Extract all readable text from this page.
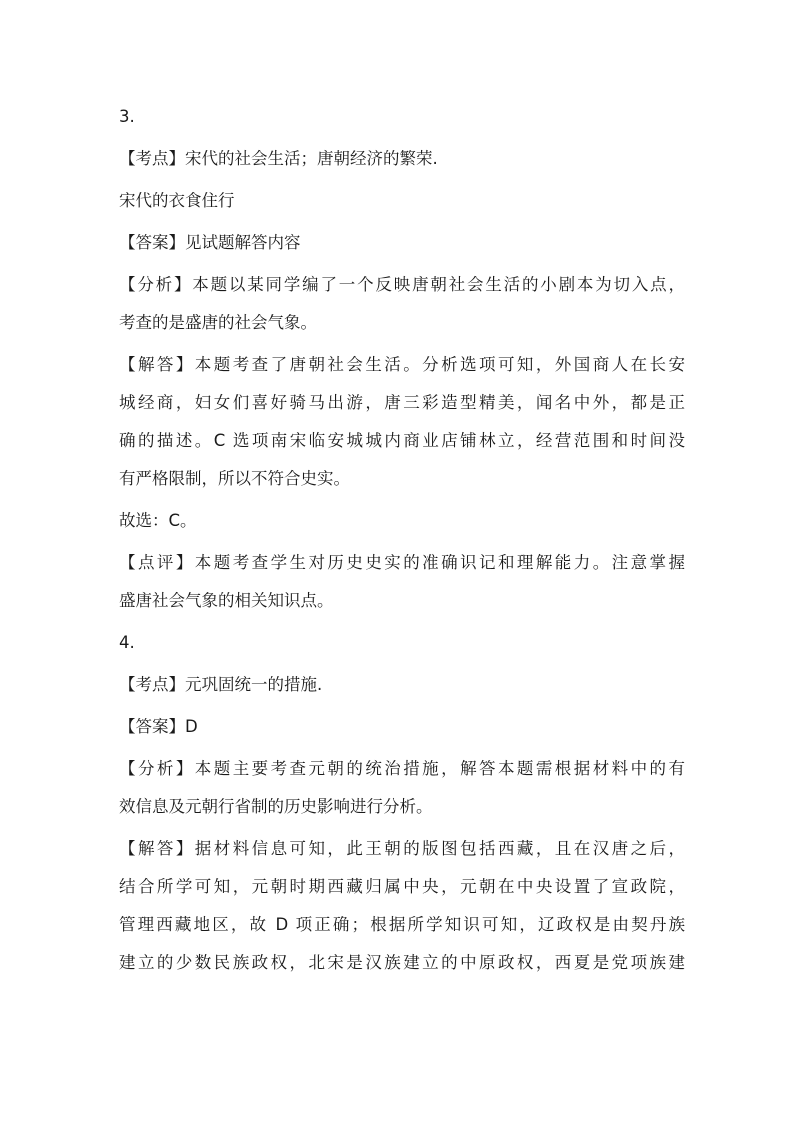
3.
【考点】宋代的社会生活；唐朝经济的繁荣.
宋代的衣食住行
【答案】见试题解答内容
【分析】本题以某同学编了一个反映唐朝社会生活的小剧本为切入点，
考查的是盛唐的社会气象。
【解答】本题考查了唐朝社会生活。分析选项可知，外国商人在长安
城经商，妇女们喜好骑马出游，唐三彩造型精美，闻名中外，都是正
确的描述。C 选项南宋临安城城内商业店铺林立，经营范围和时间没
有严格限制，所以不符合史实。
故选：C。
【点评】本题考查学生对历史史实的准确识记和理解能力。注意掌握
盛唐社会气象的相关知识点。
4.
【考点】元巩固统一的措施.
【答案】D
【分析】本题主要考查元朝的统治措施，解答本题需根据材料中的有
效信息及元朝行省制的历史影响进行分析。
【解答】据材料信息可知，此王朝的版图包括西藏，且在汉唐之后，
结合所学可知，元朝时期西藏归属中央，元朝在中央设置了宣政院，
管理西藏地区，故 D 项正确；根据所学知识可知，辽政权是由契丹族
建立的少数民族政权，北宋是汉族建立的中原政权，西夏是党项族建
